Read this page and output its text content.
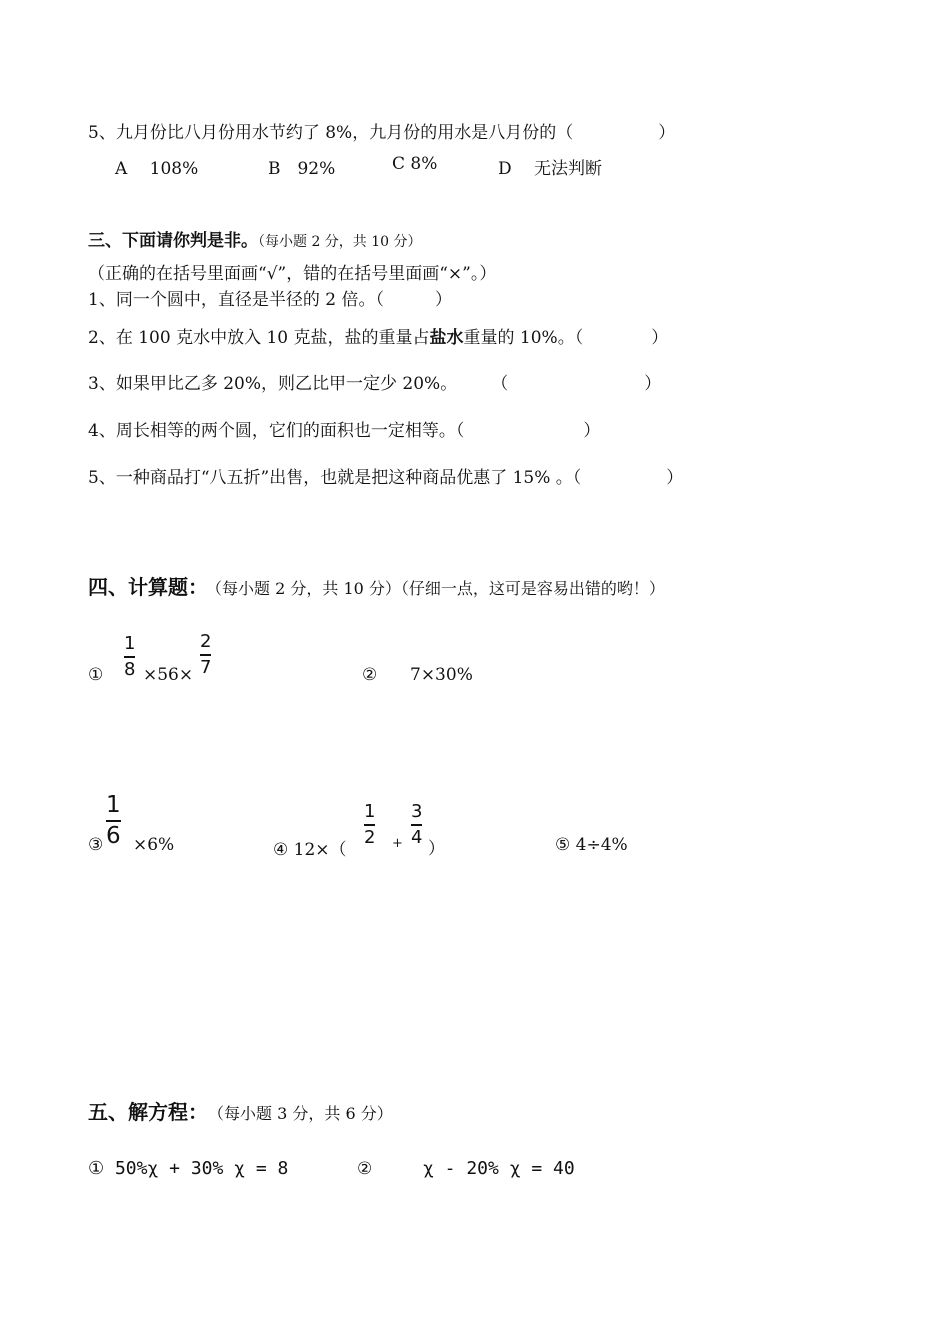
5、九月份比八月份用水节约了 8%，九月份的用水是八月份的（　　　　　）
A　 108%	B　92%	C 8%	D　 无法判断
三、下面请你判是非。（每小题 2 分，共 10 分）
（正确的在括号里面画“√”，错的在括号里面画“×”。）
1、同一个圆中，直径是半径的 2 倍。（　　　）
2、在 100 克水中放入 10 克盐，盐的重量占盐水重量的 10%。（　　　　）
3、如果甲比乙多 20%，则乙比甲一定少 20%。　　　（　　　　　　　　）
4、周长相等的两个圆，它们的面积也一定相等。（　　　　　　　）
5、一种商品打“八五折”出售，也就是把这种商品优惠了 15% 。（　　　　　）
四、计算题： （每小题 2 分，共 10 分）（仔细一点，这可是容易出错的哟！）
①
1
8 ×56×
2
7	② 7×30%
③
1
6 ×6%	④ 12×（
1
2 +
3
4
）	⑤ 4÷4%
五、解方程： （每小题 3 分，共 6 分）
① 50%χ + 30% χ = 8	②	χ - 20% χ = 40
